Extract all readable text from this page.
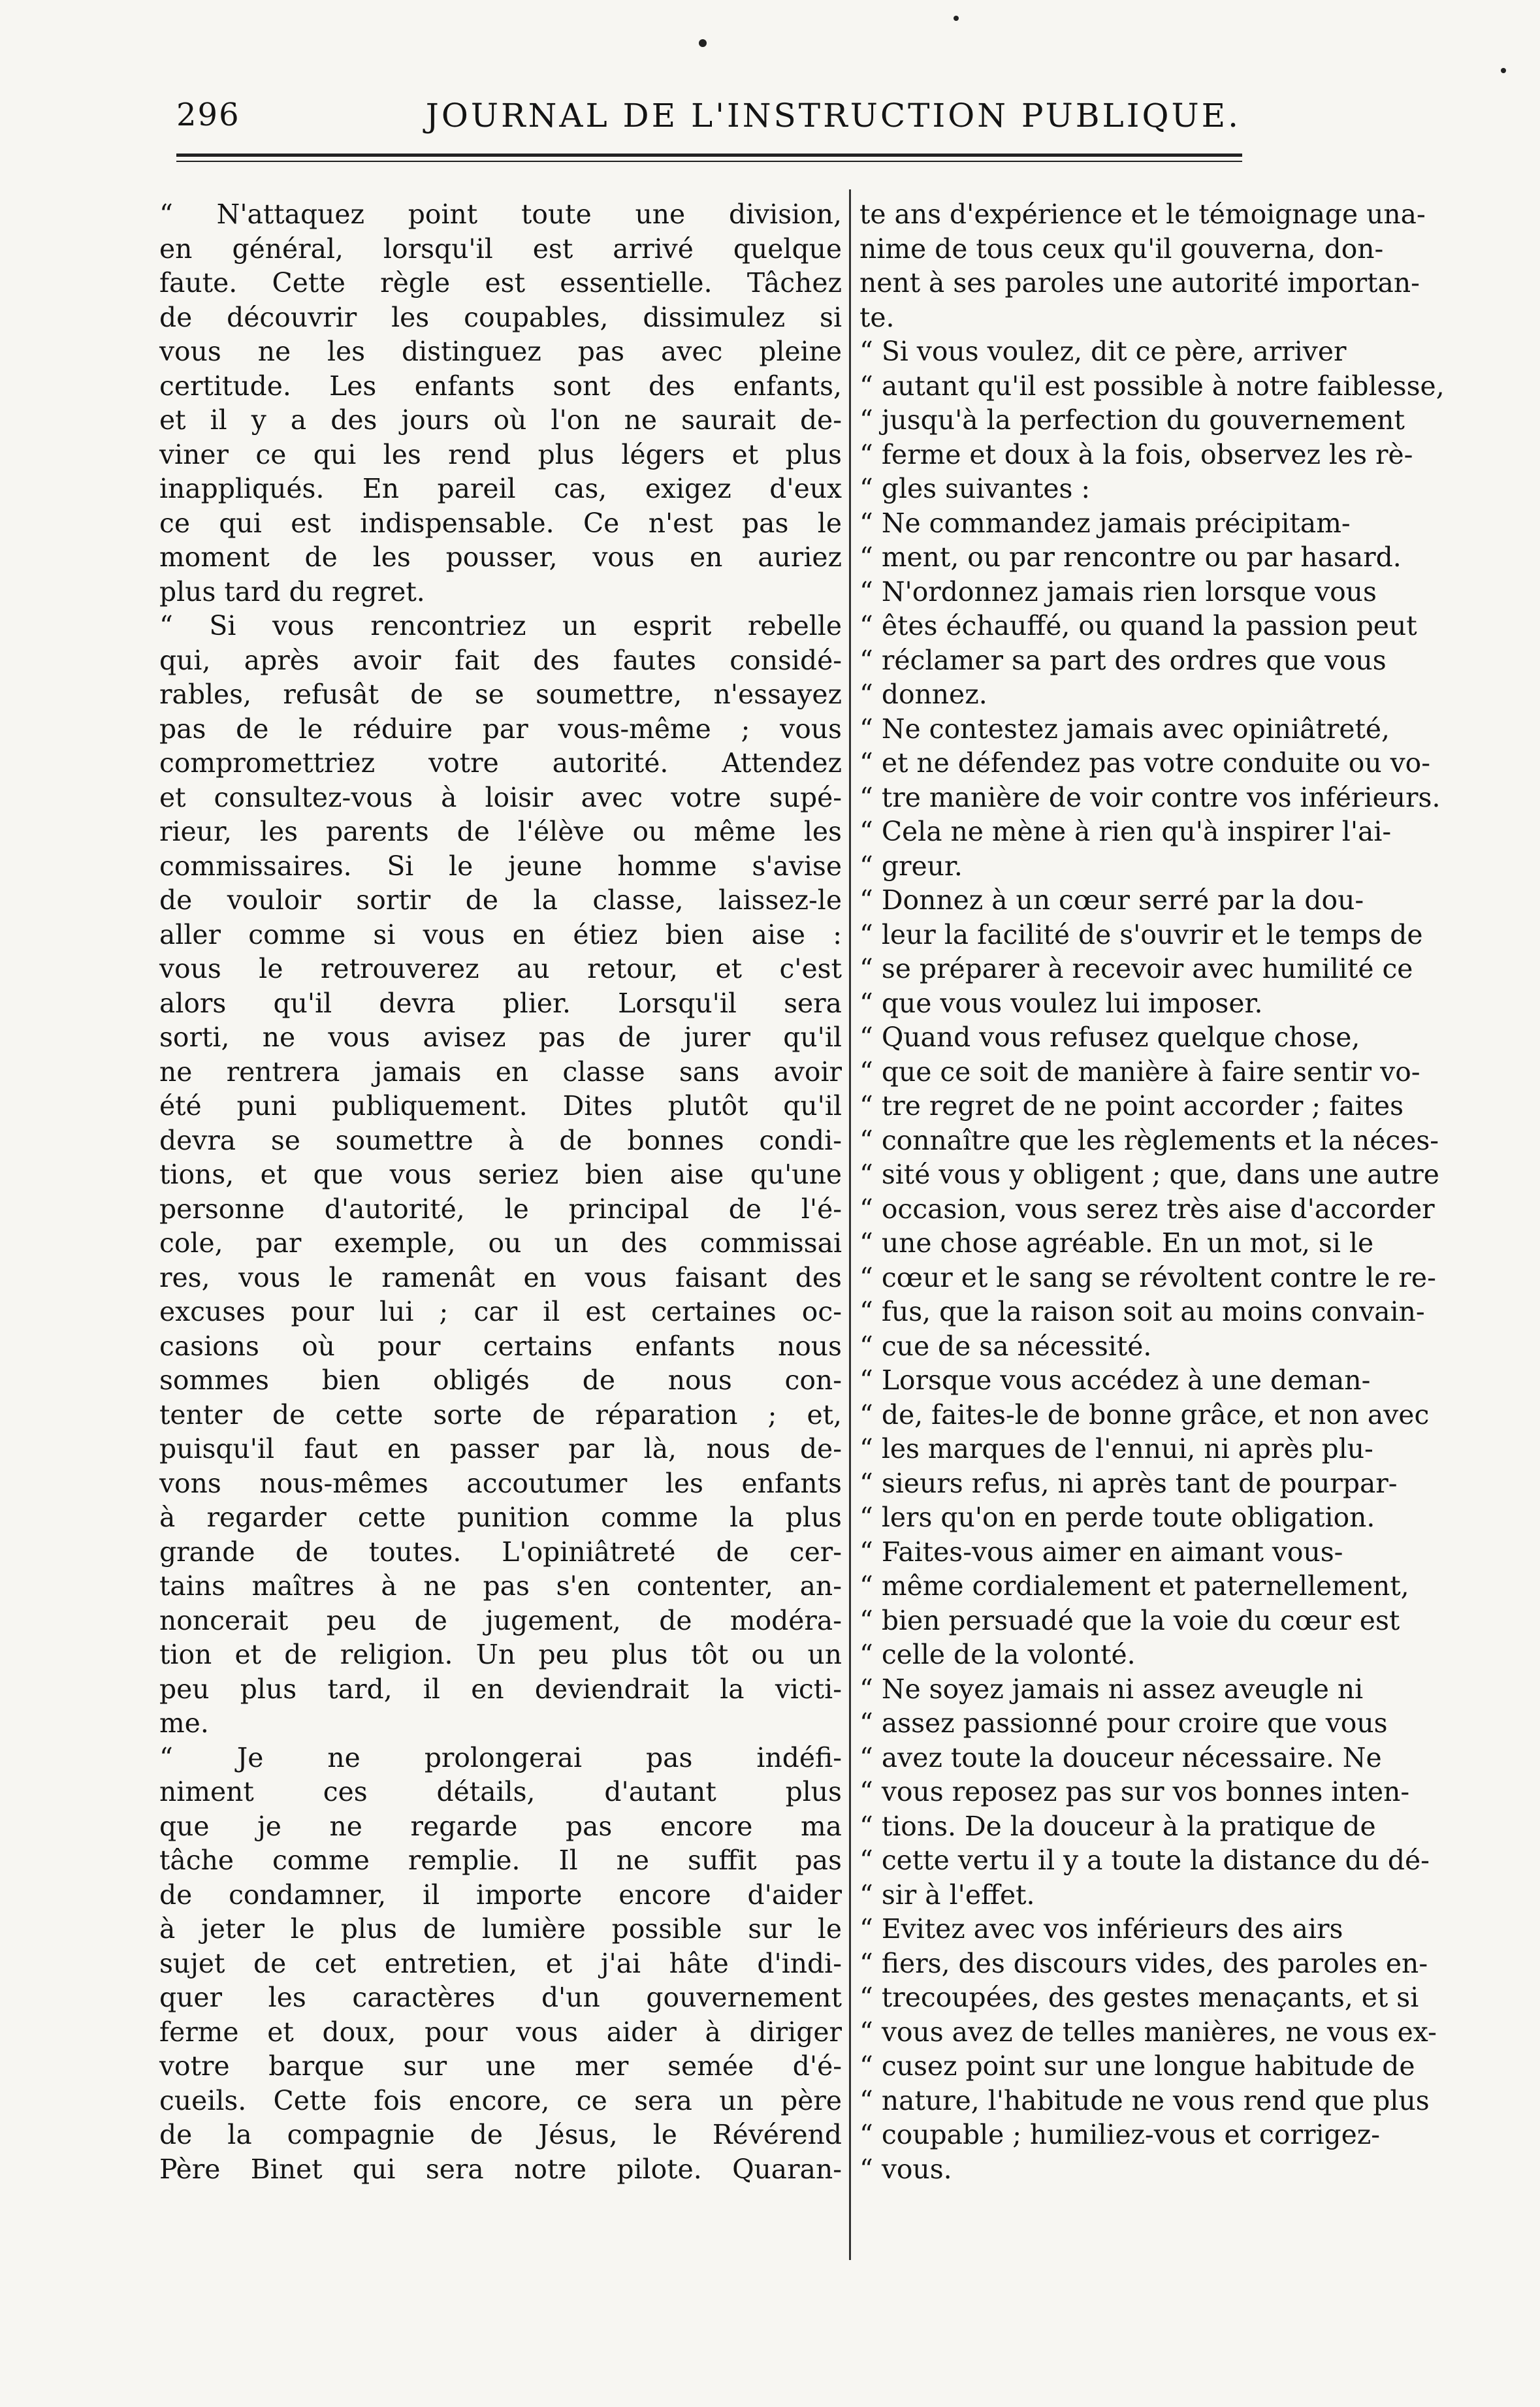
296	JOURNAL DE L'INSTRUCTION PUBLIQUE.
“ N'attaquez point toute une division,
en général, lorsqu'il est arrivé quelque
faute. Cette règle est essentielle. Tâchez
de découvrir les coupables, dissimulez si
vous ne les distinguez pas avec pleine
certitude. Les enfants sont des enfants,
et il y a des jours où l'on ne saurait de-
viner ce qui les rend plus légers et plus
inappliqués. En pareil cas, exigez d'eux
ce qui est indispensable. Ce n'est pas le
moment de les pousser, vous en auriez
plus tard du regret.
“ Si vous rencontriez un esprit rebelle
qui, après avoir fait des fautes considé-
rables, refusât de se soumettre, n'essayez
pas de le réduire par vous-même ; vous
compromettriez votre autorité. Attendez
et consultez-vous à loisir avec votre supé-
rieur, les parents de l'élève ou même les
commissaires. Si le jeune homme s'avise
de vouloir sortir de la classe, laissez-le
aller comme si vous en étiez bien aise :
vous le retrouverez au retour, et c'est
alors qu'il devra plier. Lorsqu'il sera
sorti, ne vous avisez pas de jurer qu'il
ne rentrera jamais en classe sans avoir
été puni publiquement. Dites plutôt qu'il
devra se soumettre à de bonnes condi-
tions, et que vous seriez bien aise qu'une
personne d'autorité, le principal de l'é-
cole, par exemple, ou un des commissai
res, vous le ramenât en vous faisant des
excuses pour lui ; car il est certaines oc-
casions où pour certains enfants nous
sommes bien obligés de nous con-
tenter de cette sorte de réparation ; et,
puisqu'il faut en passer par là, nous de-
vons nous-mêmes accoutumer les enfants
à regarder cette punition comme la plus
grande de toutes. L'opiniâtreté de cer-
tains maîtres à ne pas s'en contenter, an-
noncerait peu de jugement, de modéra-
tion et de religion. Un peu plus tôt ou un
peu plus tard, il en deviendrait la victi-
me.
“ Je ne prolongerai pas indéfi-
niment ces détails, d'autant plus
que je ne regarde pas encore ma
tâche comme remplie. Il ne suffit pas
de condamner, il importe encore d'aider
à jeter le plus de lumière possible sur le
sujet de cet entretien, et j'ai hâte d'indi-
quer les caractères d'un gouvernement
ferme et doux, pour vous aider à diriger
votre barque sur une mer semée d'é-
cueils. Cette fois encore, ce sera un père
de la compagnie de Jésus, le Révérend
Père Binet qui sera notre pilote. Quaran-
te ans d'expérience et le témoignage una-
nime de tous ceux qu'il gouverna, don-
nent à ses paroles une autorité importan-
te.
“ Si vous voulez, dit ce père, arriver
“ autant qu'il est possible à notre faiblesse,
“ jusqu'à la perfection du gouvernement
“ ferme et doux à la fois, observez les rè-
“ gles suivantes :
“ Ne commandez jamais précipitam-
“ ment, ou par rencontre ou par hasard.
“ N'ordonnez jamais rien lorsque vous
“ êtes échauffé, ou quand la passion peut
“ réclamer sa part des ordres que vous
“ donnez.
“ Ne contestez jamais avec opiniâtreté,
“ et ne défendez pas votre conduite ou vo-
“ tre manière de voir contre vos inférieurs.
“ Cela ne mène à rien qu'à inspirer l'ai-
“ greur.
“ Donnez à un cœur serré par la dou-
“ leur la facilité de s'ouvrir et le temps de
“ se préparer à recevoir avec humilité ce
“ que vous voulez lui imposer.
“ Quand vous refusez quelque chose,
“ que ce soit de manière à faire sentir vo-
“ tre regret de ne point accorder ; faites
“ connaître que les règlements et la néces-
“ sité vous y obligent ; que, dans une autre
“ occasion, vous serez très aise d'accorder
“ une chose agréable. En un mot, si le
“ cœur et le sang se révoltent contre le re-
“ fus, que la raison soit au moins convain-
“ cue de sa nécessité.
“ Lorsque vous accédez à une deman-
“ de, faites-le de bonne grâce, et non avec
“ les marques de l'ennui, ni après plu-
“ sieurs refus, ni après tant de pourpar-
“ lers qu'on en perde toute obligation.
“ Faites-vous aimer en aimant vous-
“ même cordialement et paternellement,
“ bien persuadé que la voie du cœur est
“ celle de la volonté.
“ Ne soyez jamais ni assez aveugle ni
“ assez passionné pour croire que vous
“ avez toute la douceur nécessaire. Ne
“ vous reposez pas sur vos bonnes inten-
“ tions. De la douceur à la pratique de
“ cette vertu il y a toute la distance du dé-
“ sir à l'effet.
“ Evitez avec vos inférieurs des airs
“ fiers, des discours vides, des paroles en-
“ trecoupées, des gestes menaçants, et si
“ vous avez de telles manières, ne vous ex-
“ cusez point sur une longue habitude de
“ nature, l'habitude ne vous rend que plus
“ coupable ; humiliez-vous et corrigez-
“ vous.
